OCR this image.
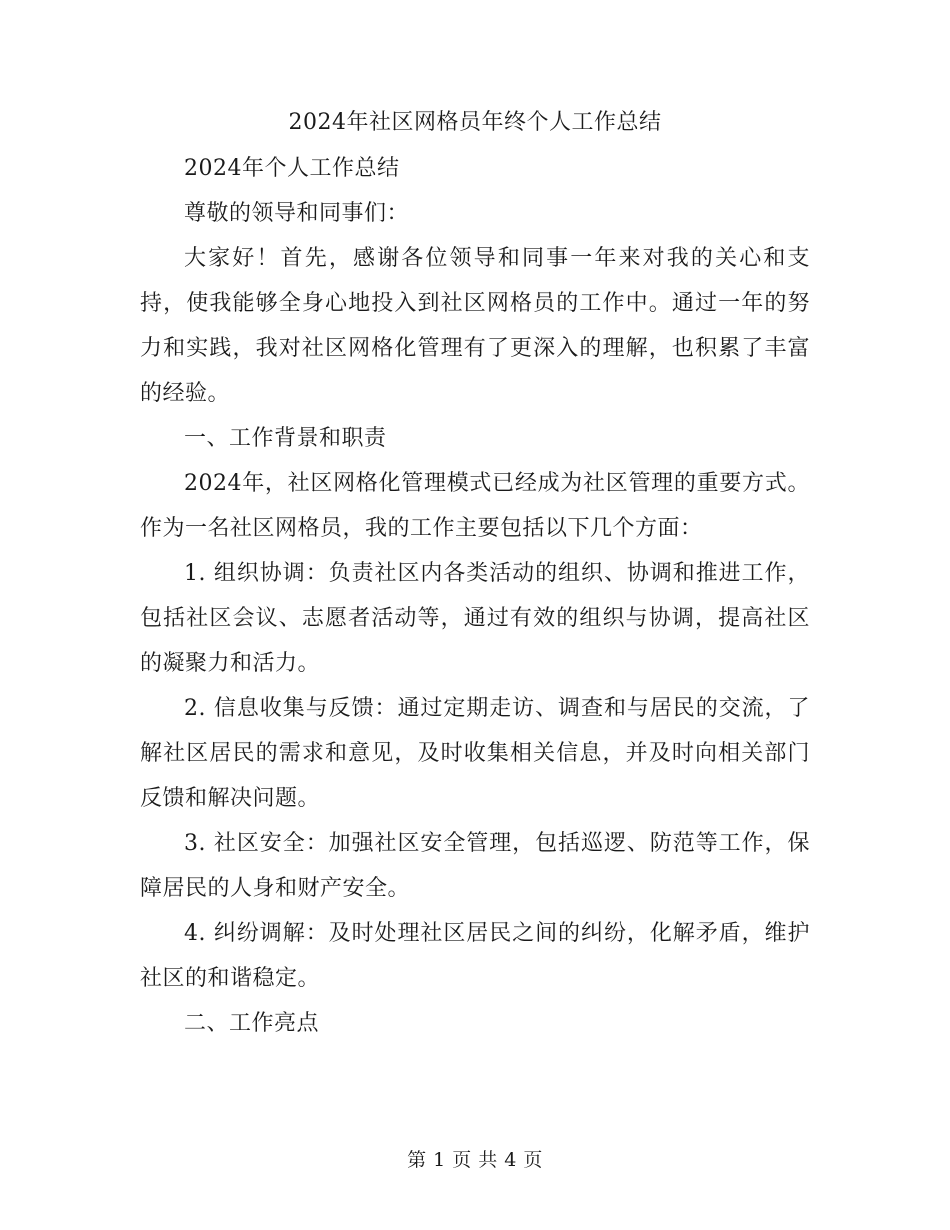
2024年社区网格员年终个人工作总结

2024年个人工作总结

尊敬的领导和同事们：

大家好！首先，感谢各位领导和同事一年来对我的关心和支持，使我能够全身心地投入到社区网格员的工作中。通过一年的努力和实践，我对社区网格化管理有了更深入的理解，也积累了丰富的经验。

一、工作背景和职责

2024年，社区网格化管理模式已经成为社区管理的重要方式。作为一名社区网格员，我的工作主要包括以下几个方面：

1. 组织协调：负责社区内各类活动的组织、协调和推进工作，包括社区会议、志愿者活动等，通过有效的组织与协调，提高社区的凝聚力和活力。

2. 信息收集与反馈：通过定期走访、调查和与居民的交流，了解社区居民的需求和意见，及时收集相关信息，并及时向相关部门反馈和解决问题。

3. 社区安全：加强社区安全管理，包括巡逻、防范等工作，保障居民的人身和财产安全。

4. 纠纷调解：及时处理社区居民之间的纠纷，化解矛盾，维护社区的和谐稳定。

二、工作亮点

第 1 页 共 4 页
